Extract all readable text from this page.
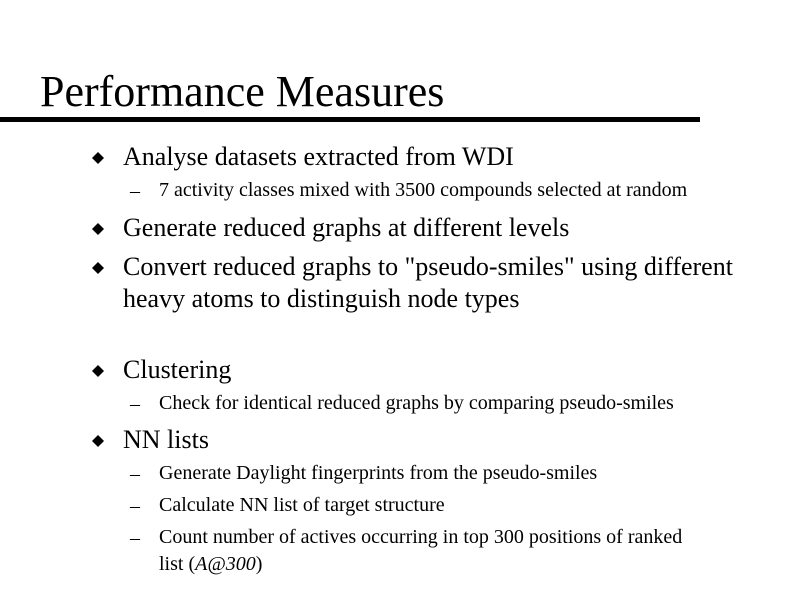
Performance Measures
Analyse datasets extracted from WDI
– 7 activity classes mixed with 3500 compounds selected at random
Generate reduced graphs at different levels
Convert reduced graphs to "pseudo-smiles" using different
heavy atoms to distinguish node types
Clustering
– Check for identical reduced graphs by comparing pseudo-smiles
NN lists
– Generate Daylight fingerprints from the pseudo-smiles
– Calculate NN list of target structure
– Count number of actives occurring in top 300 positions of ranked
list (A@300)
